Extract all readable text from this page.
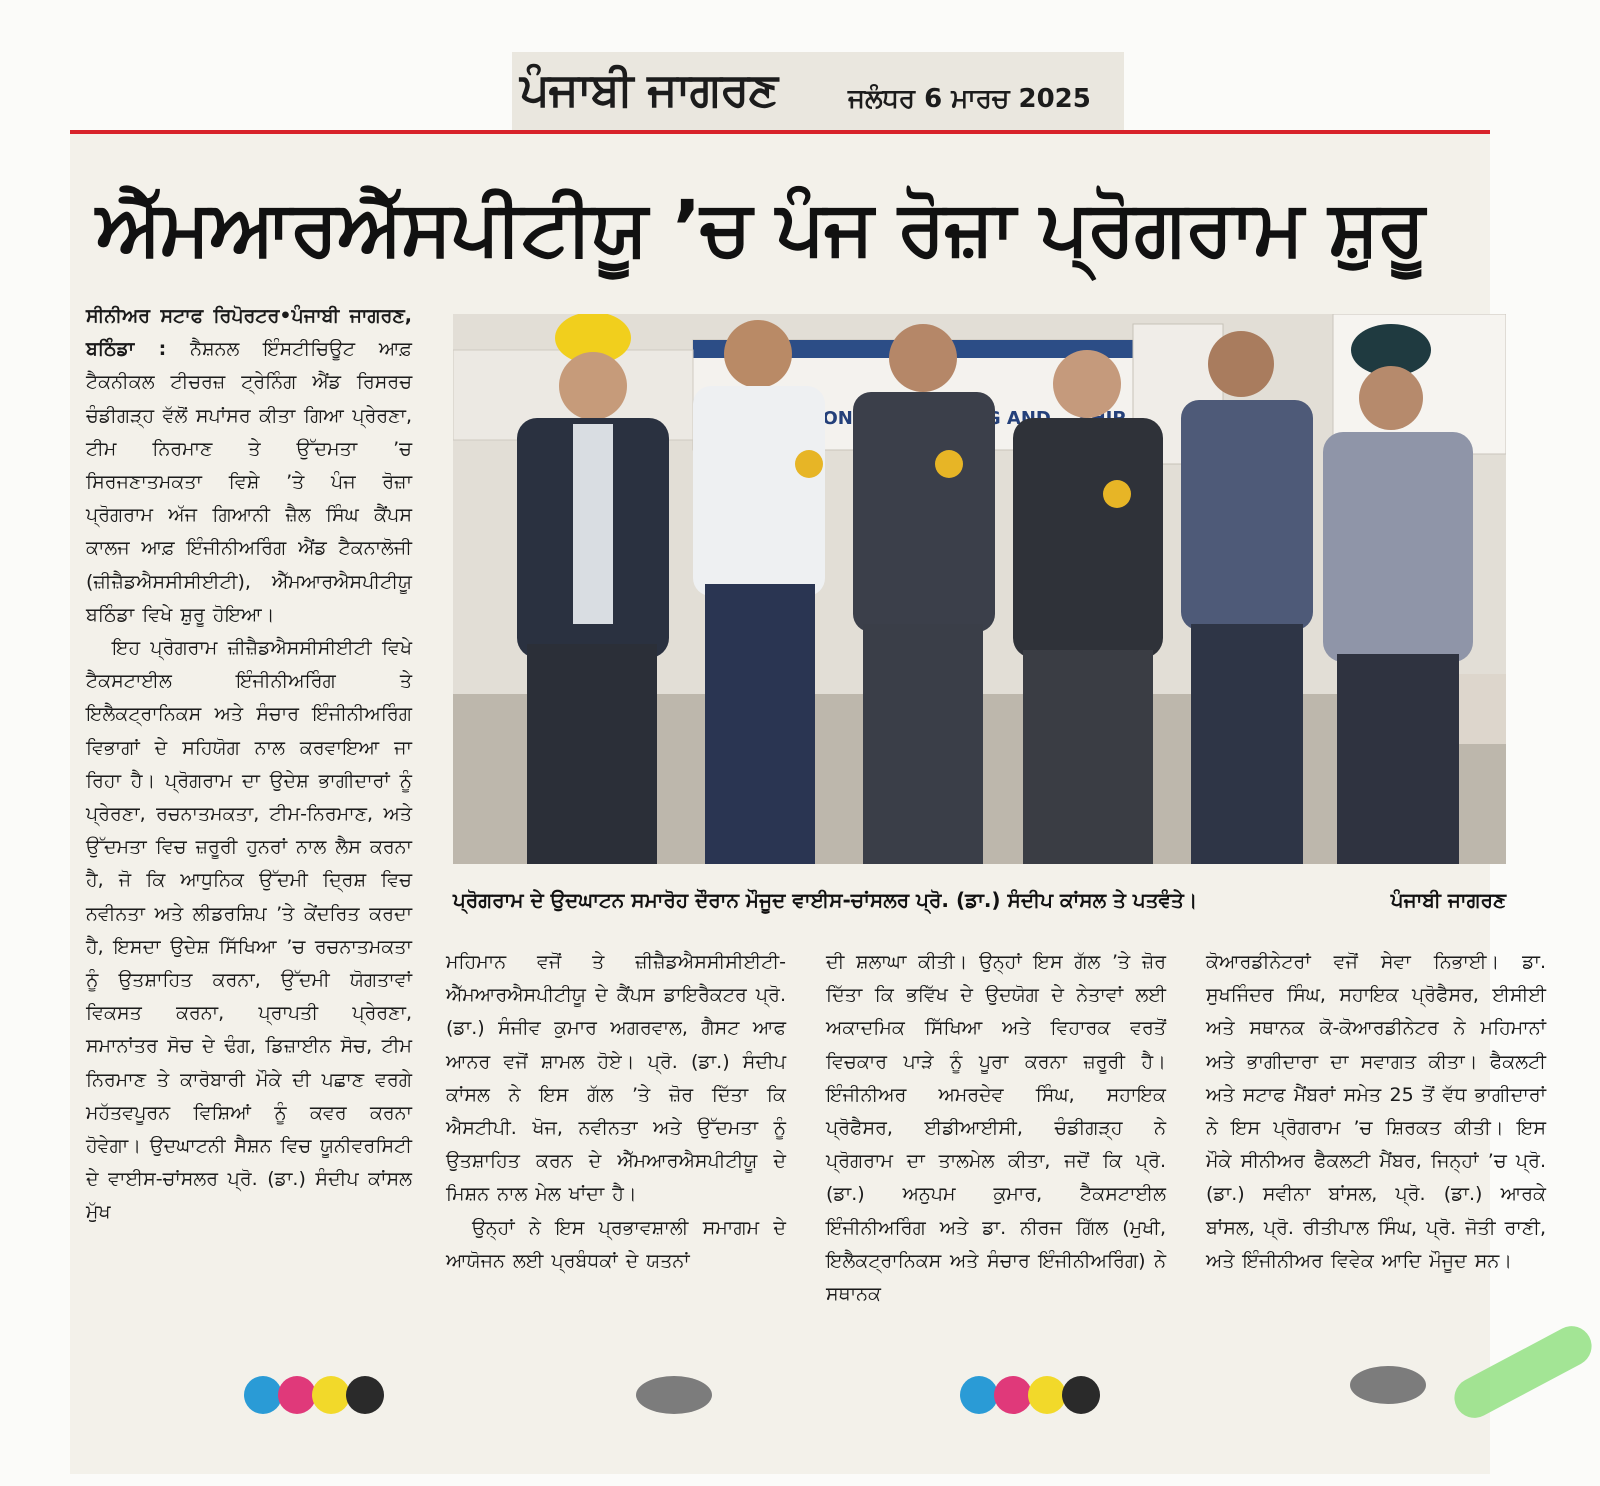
ਪੰਜਾਬੀ ਜਾਗਰਣ	ਜਲੰਧਰ 6 ਮਾਰਚ 2025
ਐੱਮਆਰਐੱਸਪੀਟੀਯੂ ’ਚ ਪੰਜ ਰੋਜ਼ਾ ਪ੍ਰੋਗਰਾਮ ਸ਼ੁਰੂ

ਸੀਨੀਅਰ ਸਟਾਫ ਰਿਪੋਰਟਰ•ਪੰਜਾਬੀ ਜਾਗਰਣ, ਬਠਿੰਡਾ : ਨੈਸ਼ਨਲ ਇੰਸਟੀਚਿਊਟ ਆਫ਼ ਟੈਕਨੀਕਲ ਟੀਚਰਜ਼ ਟ੍ਰੇਨਿੰਗ ਐਂਡ ਰਿਸਰਚ ਚੰਡੀਗੜ੍ਹ ਵੱਲੋਂ ਸਪਾਂਸਰ ਕੀਤਾ ਗਿਆ ਪ੍ਰੇਰਣਾ, ਟੀਮ ਨਿਰਮਾਣ ਤੇ ਉੱਦਮਤਾ ’ਚ ਸਿਰਜਣਾਤਮਕਤਾ ਵਿਸ਼ੇ ’ਤੇ ਪੰਜ ਰੋਜ਼ਾ ਪ੍ਰੋਗਰਾਮ ਅੱਜ ਗਿਆਨੀ ਜ਼ੈਲ ਸਿੰਘ ਕੈਂਪਸ ਕਾਲਜ ਆਫ਼ ਇੰਜੀਨੀਅਰਿੰਗ ਐਂਡ ਟੈਕਨਾਲੋਜੀ (ਜ਼ੀਜ਼ੈਡਐਸਸੀਸੀਈਟੀ), ਐੱਮਆਰਐਸਪੀਟੀਯੂ ਬਠਿੰਡਾ ਵਿਖੇ ਸ਼ੁਰੂ ਹੋਇਆ।

ਇਹ ਪ੍ਰੋਗਰਾਮ ਜ਼ੀਜ਼ੈਡਐਸਸੀਸੀਈਟੀ ਵਿਖੇ ਟੈਕਸਟਾਈਲ ਇੰਜੀਨੀਅਰਿੰਗ ਤੇ ਇਲੈਕਟ੍ਰਾਨਿਕਸ ਅਤੇ ਸੰਚਾਰ ਇੰਜੀਨੀਅਰਿੰਗ ਵਿਭਾਗਾਂ ਦੇ ਸਹਿਯੋਗ ਨਾਲ ਕਰਵਾਇਆ ਜਾ ਰਿਹਾ ਹੈ। ਪ੍ਰੋਗਰਾਮ ਦਾ ਉਦੇਸ਼ ਭਾਗੀਦਾਰਾਂ ਨੂੰ ਪ੍ਰੇਰਣਾ, ਰਚਨਾਤਮਕਤਾ, ਟੀਮ-ਨਿਰਮਾਣ, ਅਤੇ ਉੱਦਮਤਾ ਵਿਚ ਜ਼ਰੂਰੀ ਹੁਨਰਾਂ ਨਾਲ ਲੈਸ ਕਰਨਾ ਹੈ, ਜੋ ਕਿ ਆਧੁਨਿਕ ਉੱਦਮੀ ਦ੍ਰਿਸ਼ ਵਿਚ ਨਵੀਨਤਾ ਅਤੇ ਲੀਡਰਸ਼ਿਪ ’ਤੇ ਕੇਂਦਰਿਤ ਕਰਦਾ ਹੈ, ਇਸਦਾ ਉਦੇਸ਼ ਸਿੱਖਿਆ ’ਚ ਰਚਨਾਤਮਕਤਾ ਨੂੰ ਉਤਸ਼ਾਹਿਤ ਕਰਨਾ, ਉੱਦਮੀ ਯੋਗਤਾਵਾਂ ਵਿਕਸਤ ਕਰਨਾ, ਪ੍ਰਾਪਤੀ ਪ੍ਰੇਰਣਾ, ਸਮਾਨਾਂਤਰ ਸੋਚ ਦੇ ਢੰਗ, ਡਿਜ਼ਾਈਨ ਸੋਚ, ਟੀਮ ਨਿਰਮਾਣ ਤੇ ਕਾਰੋਬਾਰੀ ਮੌਕੇ ਦੀ ਪਛਾਣ ਵਰਗੇ ਮਹੱਤਵਪੂਰਨ ਵਿਸ਼ਿਆਂ ਨੂੰ ਕਵਰ ਕਰਨਾ ਹੋਵੇਗਾ। ਉਦਘਾਟਨੀ ਸੈਸ਼ਨ ਵਿਚ ਯੂਨੀਵਰਸਿਟੀ ਦੇ ਵਾਈਸ-ਚਾਂਸਲਰ ਪ੍ਰੋ. (ਡਾ.) ਸੰਦੀਪ ਕਾਂਸਲ ਮੁੱਖ

ਪ੍ਰੋਗਰਾਮ ਦੇ ਉਦਘਾਟਨ ਸਮਾਰੋਹ ਦੌਰਾਨ ਮੌਜੂਦ ਵਾਈਸ-ਚਾਂਸਲਰ ਪ੍ਰੋ. (ਡਾ.) ਸੰਦੀਪ ਕਾਂਸਲ ਤੇ ਪਤਵੰਤੇ।	ਪੰਜਾਬੀ ਜਾਗਰਣ

ਮਹਿਮਾਨ ਵਜੋਂ ਤੇ ਜ਼ੀਜ਼ੈਡਐਸਸੀਸੀਈਟੀ-ਐੱਮਆਰਐਸਪੀਟੀਯੂ ਦੇ ਕੈਂਪਸ ਡਾਇਰੈਕਟਰ ਪ੍ਰੋ. (ਡਾ.) ਸੰਜੀਵ ਕੁਮਾਰ ਅਗਰਵਾਲ, ਗੈਸਟ ਆਫ ਆਨਰ ਵਜੋਂ ਸ਼ਾਮਲ ਹੋਏ। ਪ੍ਰੋ. (ਡਾ.) ਸੰਦੀਪ ਕਾਂਸਲ ਨੇ ਇਸ ਗੱਲ ’ਤੇ ਜ਼ੋਰ ਦਿੱਤਾ ਕਿ ਐਸਟੀਪੀ. ਖੋਜ, ਨਵੀਨਤਾ ਅਤੇ ਉੱਦਮਤਾ ਨੂੰ ਉਤਸ਼ਾਹਿਤ ਕਰਨ ਦੇ ਐੱਮਆਰਐਸਪੀਟੀਯੂ ਦੇ ਮਿਸ਼ਨ ਨਾਲ ਮੇਲ ਖਾਂਦਾ ਹੈ।

ਉਨ੍ਹਾਂ ਨੇ ਇਸ ਪ੍ਰਭਾਵਸ਼ਾਲੀ ਸਮਾਗਮ ਦੇ ਆਯੋਜਨ ਲਈ ਪ੍ਰਬੰਧਕਾਂ ਦੇ ਯਤਨਾਂ

ਦੀ ਸ਼ਲਾਘਾ ਕੀਤੀ। ਉਨ੍ਹਾਂ ਇਸ ਗੱਲ ’ਤੇ ਜ਼ੋਰ ਦਿੱਤਾ ਕਿ ਭਵਿੱਖ ਦੇ ਉਦਯੋਗ ਦੇ ਨੇਤਾਵਾਂ ਲਈ ਅਕਾਦਮਿਕ ਸਿੱਖਿਆ ਅਤੇ ਵਿਹਾਰਕ ਵਰਤੋਂ ਵਿਚਕਾਰ ਪਾੜੇ ਨੂੰ ਪੂਰਾ ਕਰਨਾ ਜ਼ਰੂਰੀ ਹੈ। ਇੰਜੀਨੀਅਰ ਅਮਰਦੇਵ ਸਿੰਘ, ਸਹਾਇਕ ਪ੍ਰੋਫੈਸਰ, ਈਡੀਆਈਸੀ, ਚੰਡੀਗੜ੍ਹ ਨੇ ਪ੍ਰੋਗਰਾਮ ਦਾ ਤਾਲਮੇਲ ਕੀਤਾ, ਜਦੋਂ ਕਿ ਪ੍ਰੋ. (ਡਾ.) ਅਨੁਪਮ ਕੁਮਾਰ, ਟੈਕਸਟਾਈਲ ਇੰਜੀਨੀਅਰਿੰਗ ਅਤੇ ਡਾ. ਨੀਰਜ ਗਿੱਲ (ਮੁਖੀ, ਇਲੈਕਟ੍ਰਾਨਿਕਸ ਅਤੇ ਸੰਚਾਰ ਇੰਜੀਨੀਅਰਿੰਗ) ਨੇ ਸਥਾਨਕ

ਕੋਆਰਡੀਨੇਟਰਾਂ ਵਜੋਂ ਸੇਵਾ ਨਿਭਾਈ। ਡਾ. ਸੁਖਜਿੰਦਰ ਸਿੰਘ, ਸਹਾਇਕ ਪ੍ਰੋਫੈਸਰ, ਈਸੀਈ ਅਤੇ ਸਥਾਨਕ ਕੋ-ਕੋਆਰਡੀਨੇਟਰ ਨੇ ਮਹਿਮਾਨਾਂ ਅਤੇ ਭਾਗੀਦਾਰਾ ਦਾ ਸਵਾਗਤ ਕੀਤਾ। ਫੈਕਲਟੀ ਅਤੇ ਸਟਾਫ ਮੈਂਬਰਾਂ ਸਮੇਤ 25 ਤੋਂ ਵੱਧ ਭਾਗੀਦਾਰਾਂ ਨੇ ਇਸ ਪ੍ਰੋਗਰਾਮ ’ਚ ਸ਼ਿਰਕਤ ਕੀਤੀ। ਇਸ ਮੌਕੇ ਸੀਨੀਅਰ ਫੈਕਲਟੀ ਮੈਂਬਰ, ਜਿਨ੍ਹਾਂ ’ਚ ਪ੍ਰੋ. (ਡਾ.) ਸਵੀਨਾ ਬਾਂਸਲ, ਪ੍ਰੋ. (ਡਾ.) ਆਰਕੇ ਬਾਂਸਲ, ਪ੍ਰੋ. ਰੀਤੀਪਾਲ ਸਿੰਘ, ਪ੍ਰੋ. ਜੋਤੀ ਰਾਣੀ, ਅਤੇ ਇੰਜੀਨੀਅਰ ਵਿਵੇਕ ਆਦਿ ਮੌਜੂਦ ਸਨ।
